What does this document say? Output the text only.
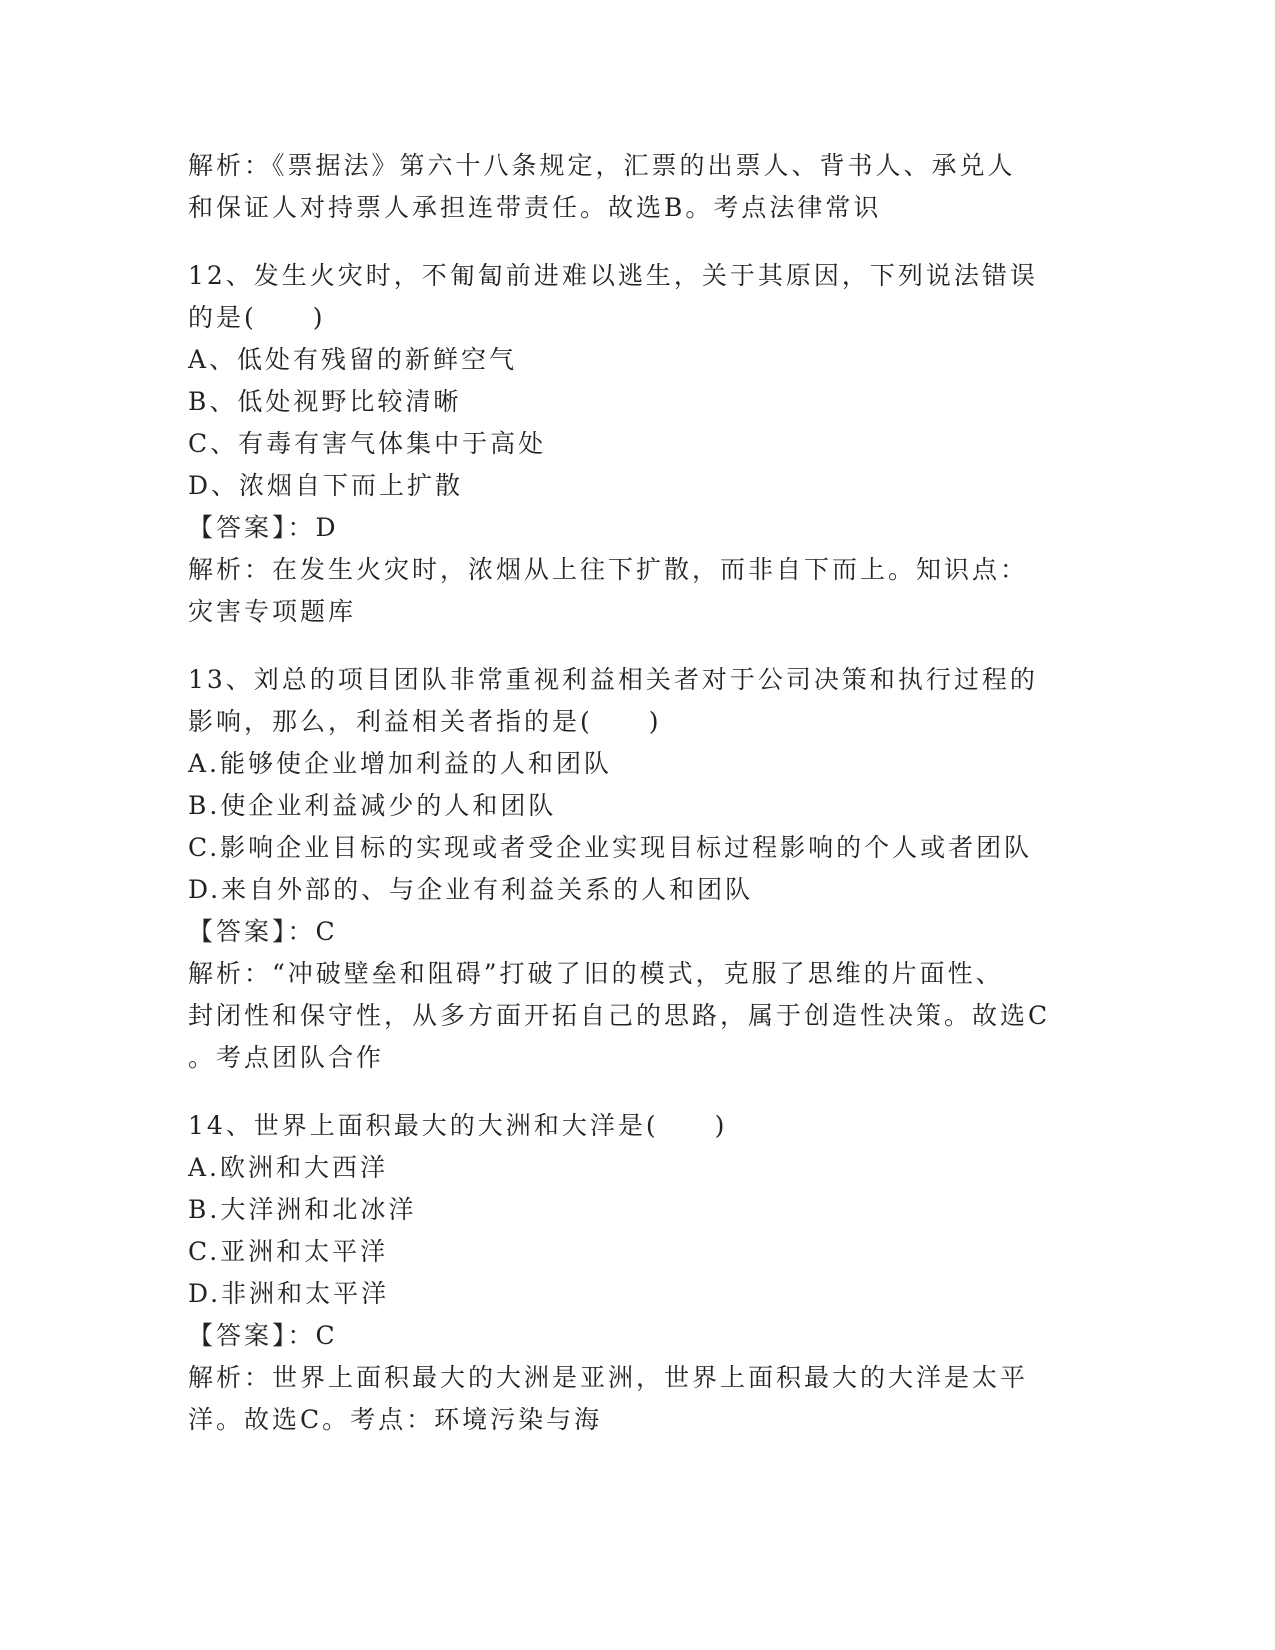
解析：《票据法》第六十八条规定，汇票的出票人、背书人、承兑人
和保证人对持票人承担连带责任。故选B。考点法律常识
12、发生火灾时，不匍匐前进难以逃生，关于其原因，下列说法错误
的是(　　)
A、低处有残留的新鲜空气
B、低处视野比较清晰
C、有毒有害气体集中于高处
D、浓烟自下而上扩散
【答案】：D
解析：在发生火灾时，浓烟从上往下扩散，而非自下而上。知识点：
灾害专项题库
13、刘总的项目团队非常重视利益相关者对于公司决策和执行过程的
影响，那么，利益相关者指的是(　　)
A.能够使企业增加利益的人和团队
B.使企业利益减少的人和团队
C.影响企业目标的实现或者受企业实现目标过程影响的个人或者团队
D.来自外部的、与企业有利益关系的人和团队
【答案】：C
解析：“冲破壁垒和阻碍”打破了旧的模式，克服了思维的片面性、
封闭性和保守性，从多方面开拓自己的思路，属于创造性决策。故选C
。考点团队合作
14、世界上面积最大的大洲和大洋是(　　)
A.欧洲和大西洋
B.大洋洲和北冰洋
C.亚洲和太平洋
D.非洲和太平洋
【答案】：C
解析：世界上面积最大的大洲是亚洲，世界上面积最大的大洋是太平
洋。故选C。考点：环境污染与海
